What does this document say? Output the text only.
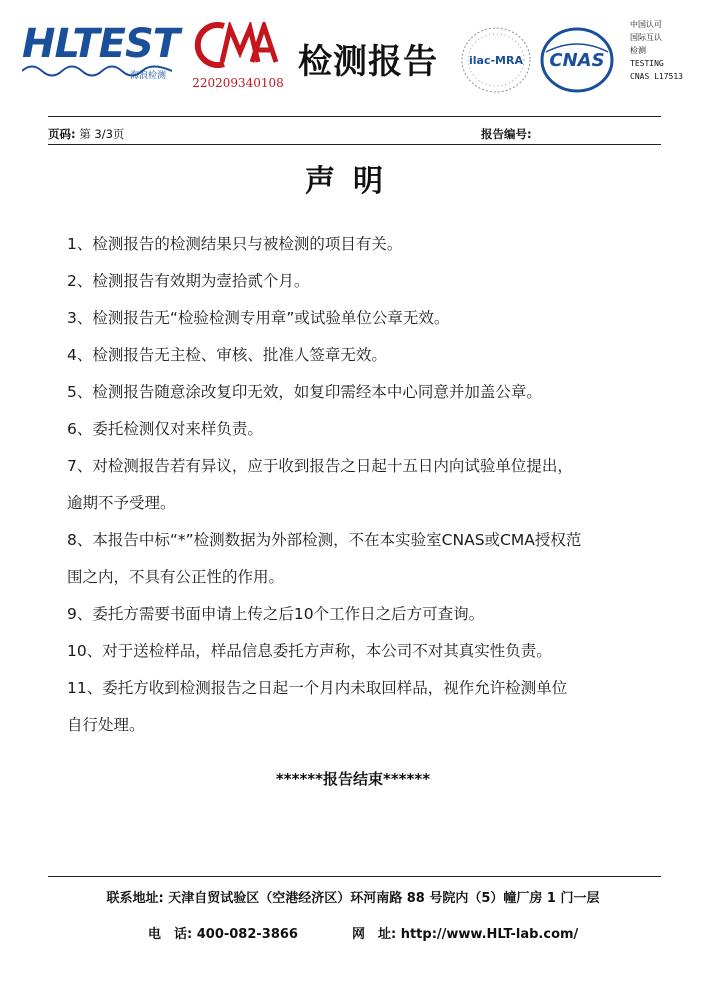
HLTEST
海浪检测	220209340108
检测报告	ilac-MRA CNAS
中国认可
国际互认
检测
TESTING
CNAS L17513
页码: 第 3/3页	报告编号:
声明

1、检测报告的检测结果只与被检测的项目有关。

2、检测报告有效期为壹拾贰个月。

3、检测报告无“检验检测专用章”或试验单位公章无效。

4、检测报告无主检、审核、批准人签章无效。

5、检测报告随意涂改复印无效，如复印需经本中心同意并加盖公章。

6、委托检测仅对来样负责。

7、对检测报告若有异议，应于收到报告之日起十五日内向试验单位提出，

逾期不予受理。

8、本报告中标“*”检测数据为外部检测，不在本实验室CNAS或CMA授权范

围之内，不具有公正性的作用。

9、委托方需要书面申请上传之后10个工作日之后方可查询。

10、对于送检样品，样品信息委托方声称，本公司不对其真实性负责。

11、委托方收到检测报告之日起一个月内未取回样品，视作允许检测单位

自行处理。

******报告结束******
联系地址: 天津自贸试验区（空港经济区）环河南路 88 号院内（5）幢厂房 1 门一层
电　话: 400-082-3866	网　址: http://www.HLT-lab.com/
